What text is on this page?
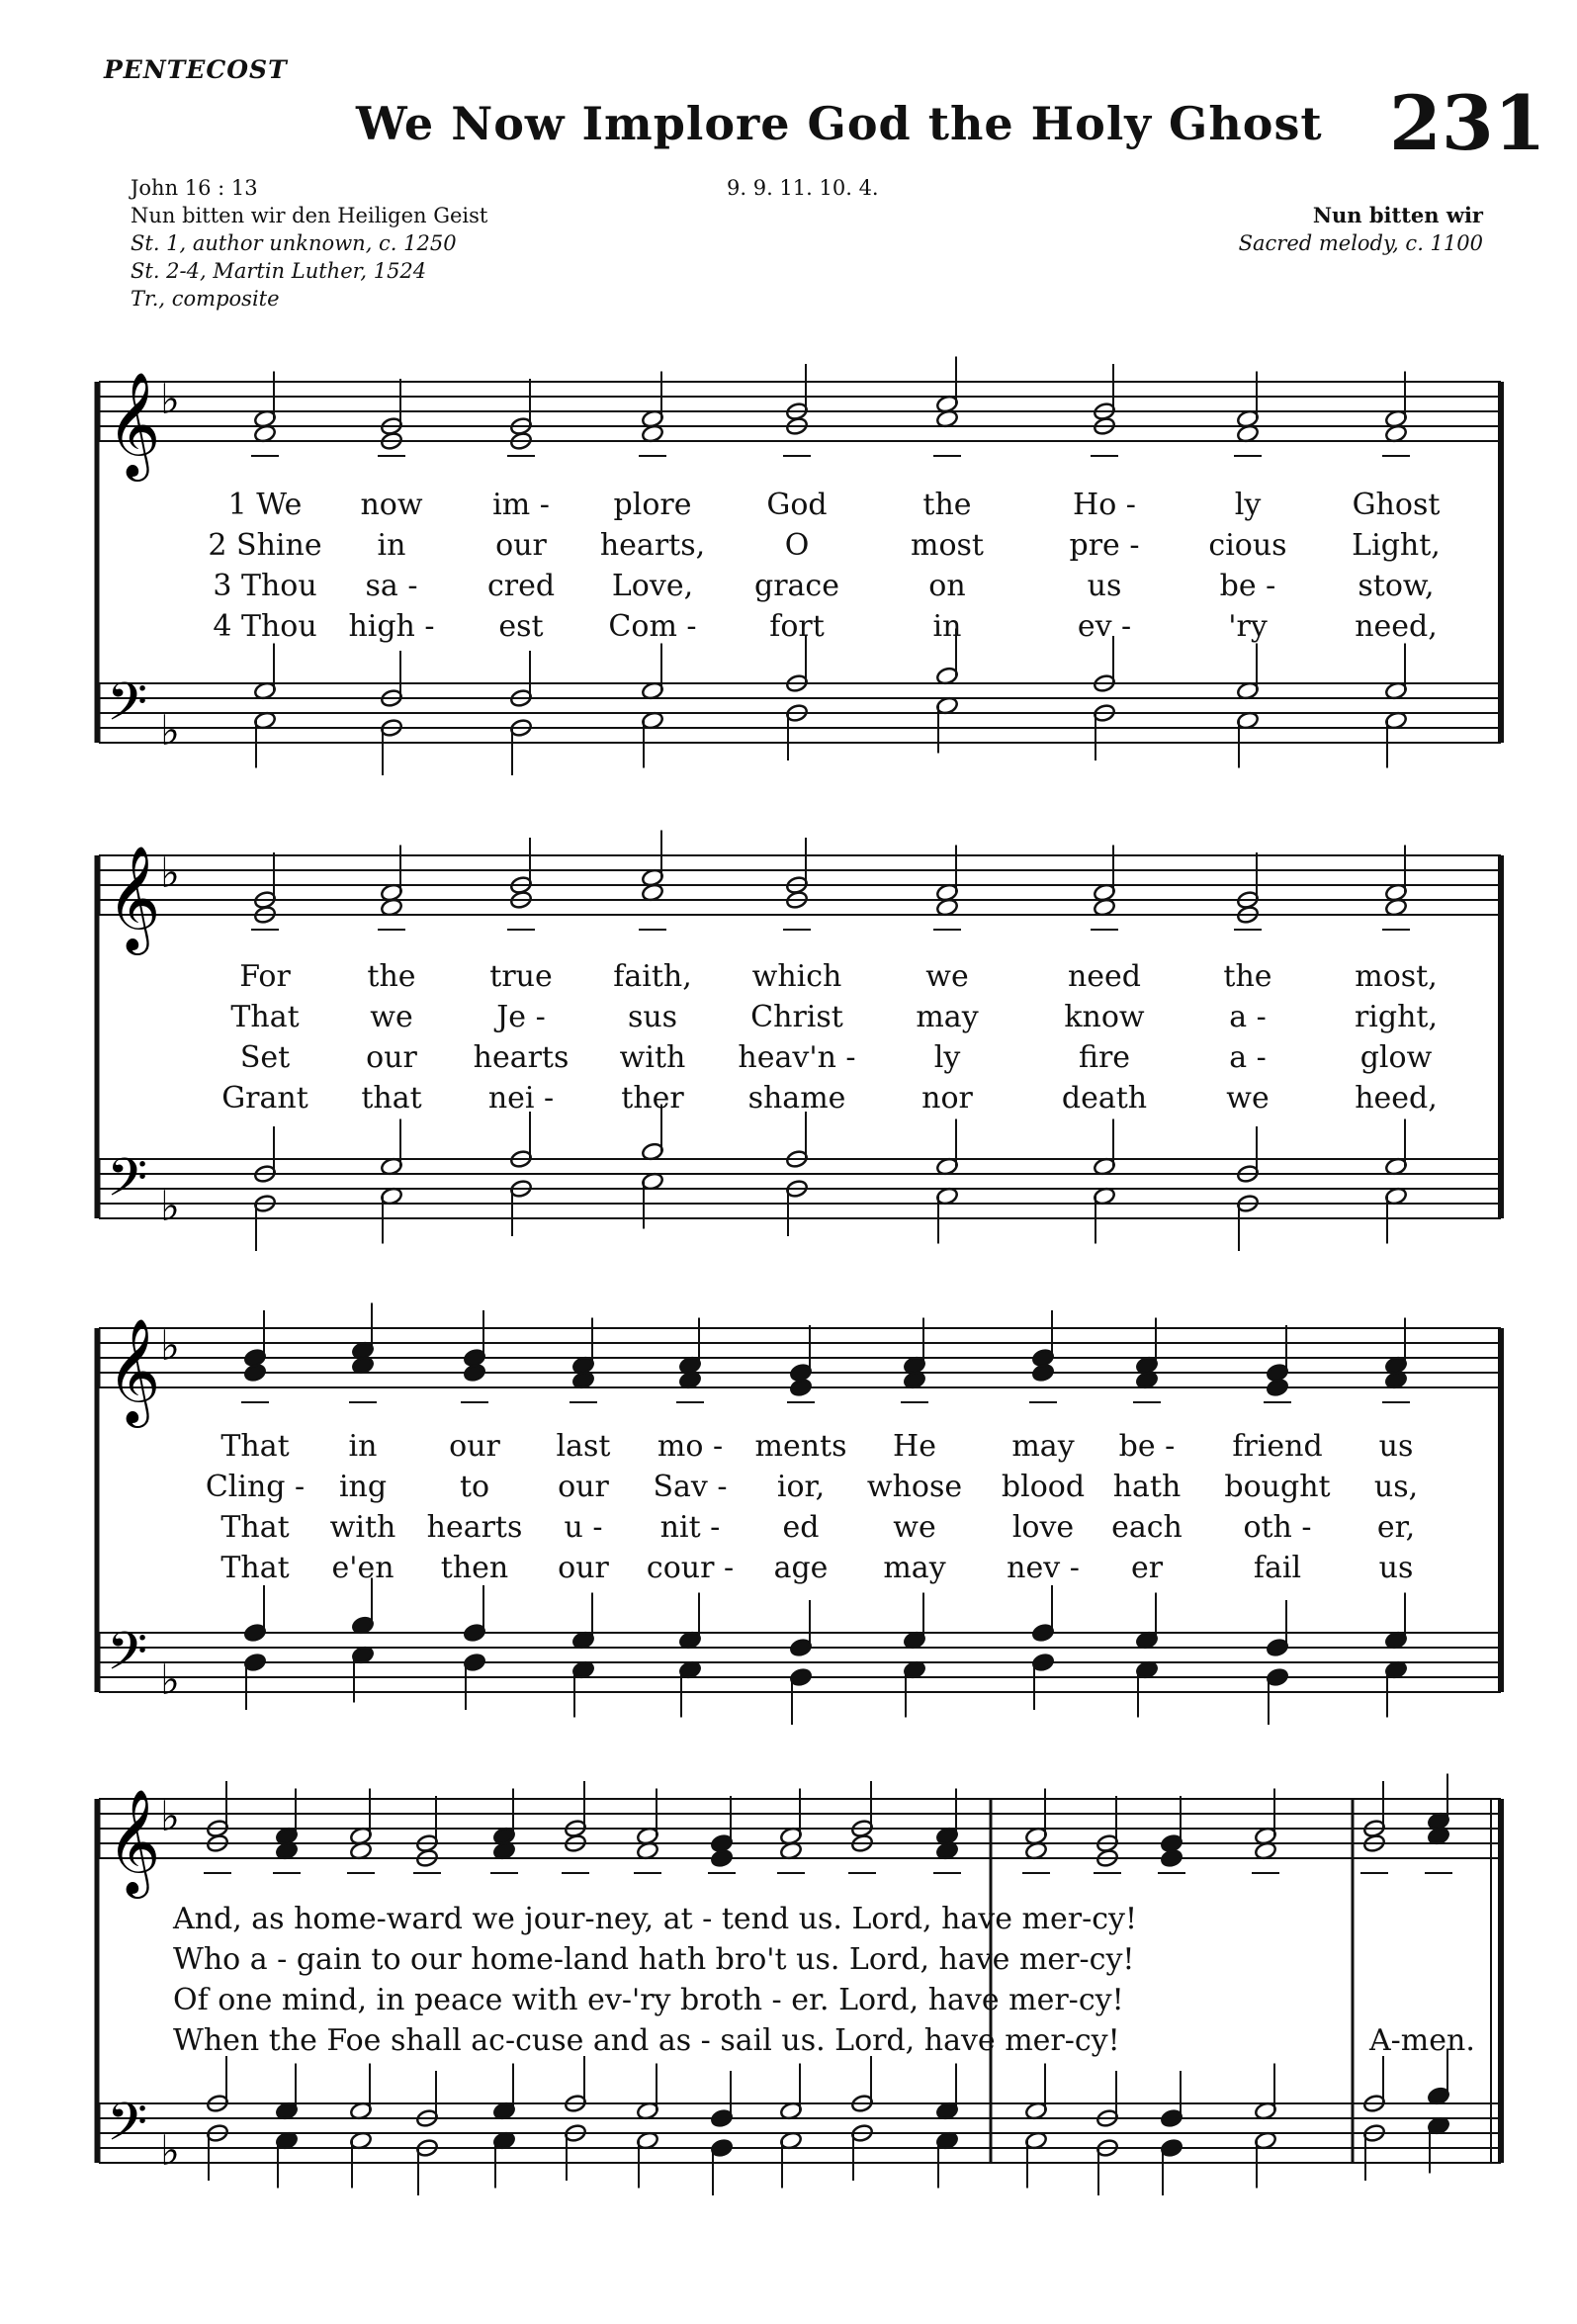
PENTECOST
We Now Implore God the Holy Ghost 231
John 16 : 13
Nun bitten wir den Heiligen Geist
St. 1, author unknown, c. 1250
St. 2-4, Martin Luther, 1524
Tr., composite
9. 9. 11. 10. 4.
Nun bitten wir
Sacred melody, c. 1100
𝄞 ♭
𝄢 ♭
𝄞 ♭
𝄢 ♭
𝄞 ♭
𝄢 ♭
𝄞 ♭
𝄢 ♭
1 We now im - plore	God	the	Ho -	ly	Ghost
2 Shine in	our hearts,	O	most	pre - cious Light,
3 Thou sa - cred Love, grace	on	us	be -	stow,
4 Thou high - est Com - fort	in	ev -	'ry	need,
For	the true faith, which	we	need	the	most,
That we	Je -	sus Christ may	know	a -	right,
Set	our hearts with heav'n -	ly	fire	a -	glow
Grant that nei - ther shame	nor	death	we	heed,
That in our last mo - ments He	may be - friend us
Cling - ing to our Sav - ior, whose blood hath bought us,
That with hearts u - nit - ed we	love each oth - er,
That e'en then our cour - age may nev - er	fail	us
And, as home-ward we jour-ney, at - tend us. Lord, have mer-cy!
Who a - gain to our home-land hath bro't us. Lord, have mer-cy!
Of one mind, in peace with ev-'ry broth - er. Lord, have mer-cy!
When the Foe shall ac-cuse and as - sail us. Lord, have mer-cy!	A-men.
